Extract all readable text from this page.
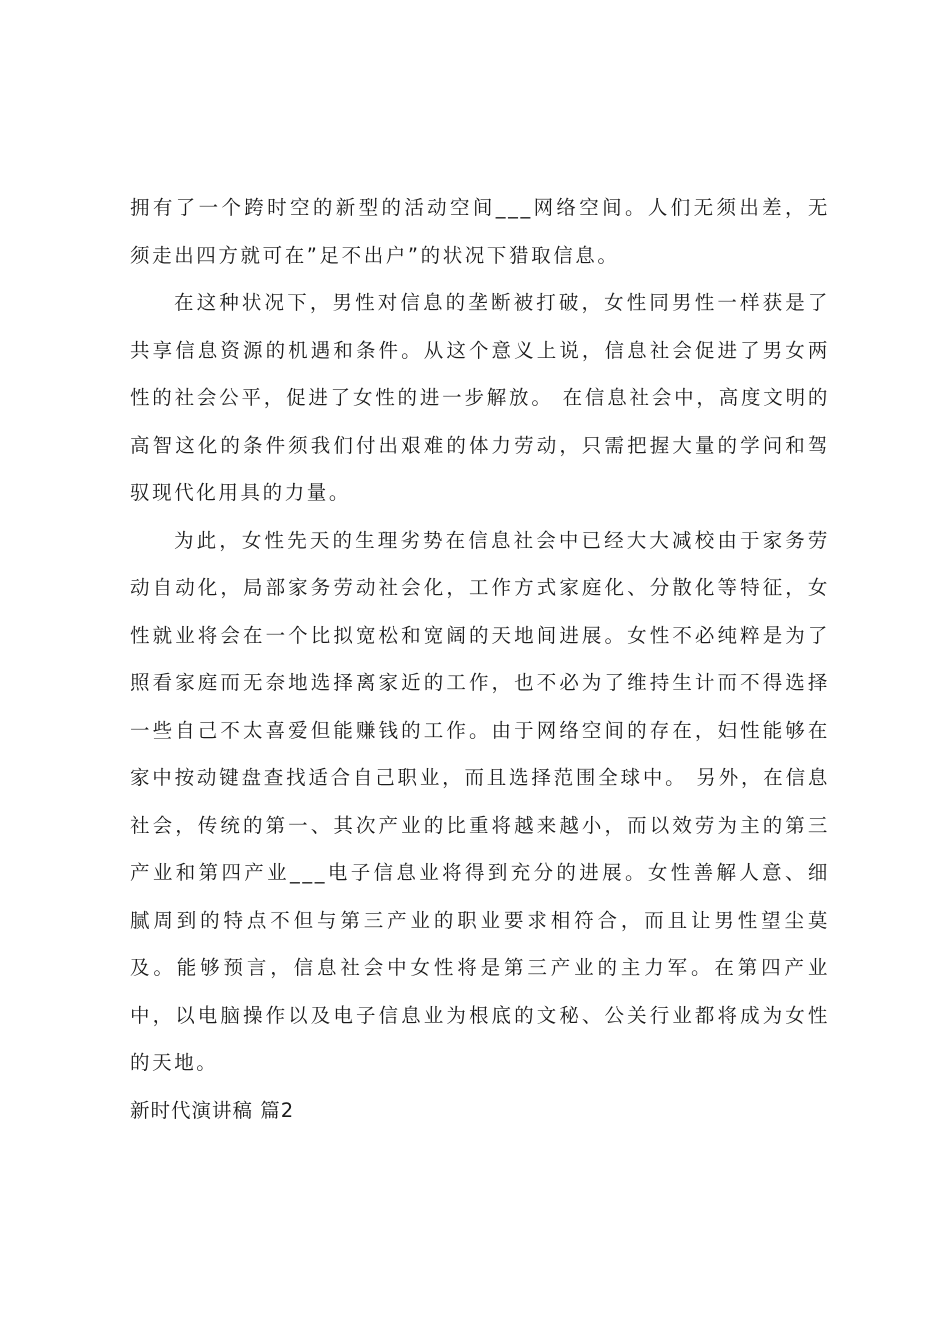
拥有了一个跨时空的新型的活动空间___网络空间。人们无须出差，无须走出四方就可在”足不出户”的状况下猎取信息。

在这种状况下，男性对信息的垄断被打破，女性同男性一样获是了共享信息资源的机遇和条件。从这个意义上说，信息社会促进了男女两性的社会公平，促进了女性的进一步解放。 在信息社会中，高度文明的高智这化的条件须我们付出艰难的体力劳动，只需把握大量的学问和驾驭现代化用具的力量。

为此，女性先天的生理劣势在信息社会中已经大大减校由于家务劳动自动化，局部家务劳动社会化，工作方式家庭化、分散化等特征，女性就业将会在一个比拟宽松和宽阔的天地间进展。女性不必纯粹是为了照看家庭而无奈地选择离家近的工作，也不必为了维持生计而不得选择一些自己不太喜爱但能赚钱的工作。由于网络空间的存在，妇性能够在家中按动键盘查找适合自己职业，而且选择范围全球中。 另外，在信息社会，传统的第一、其次产业的比重将越来越小，而以效劳为主的第三产业和第四产业___电子信息业将得到充分的进展。女性善解人意、细腻周到的特点不但与第三产业的职业要求相符合，而且让男性望尘莫及。能够预言，信息社会中女性将是第三产业的主力军。在第四产业中，以电脑操作以及电子信息业为根底的文秘、公关行业都将成为女性的天地。

新时代演讲稿 篇2
